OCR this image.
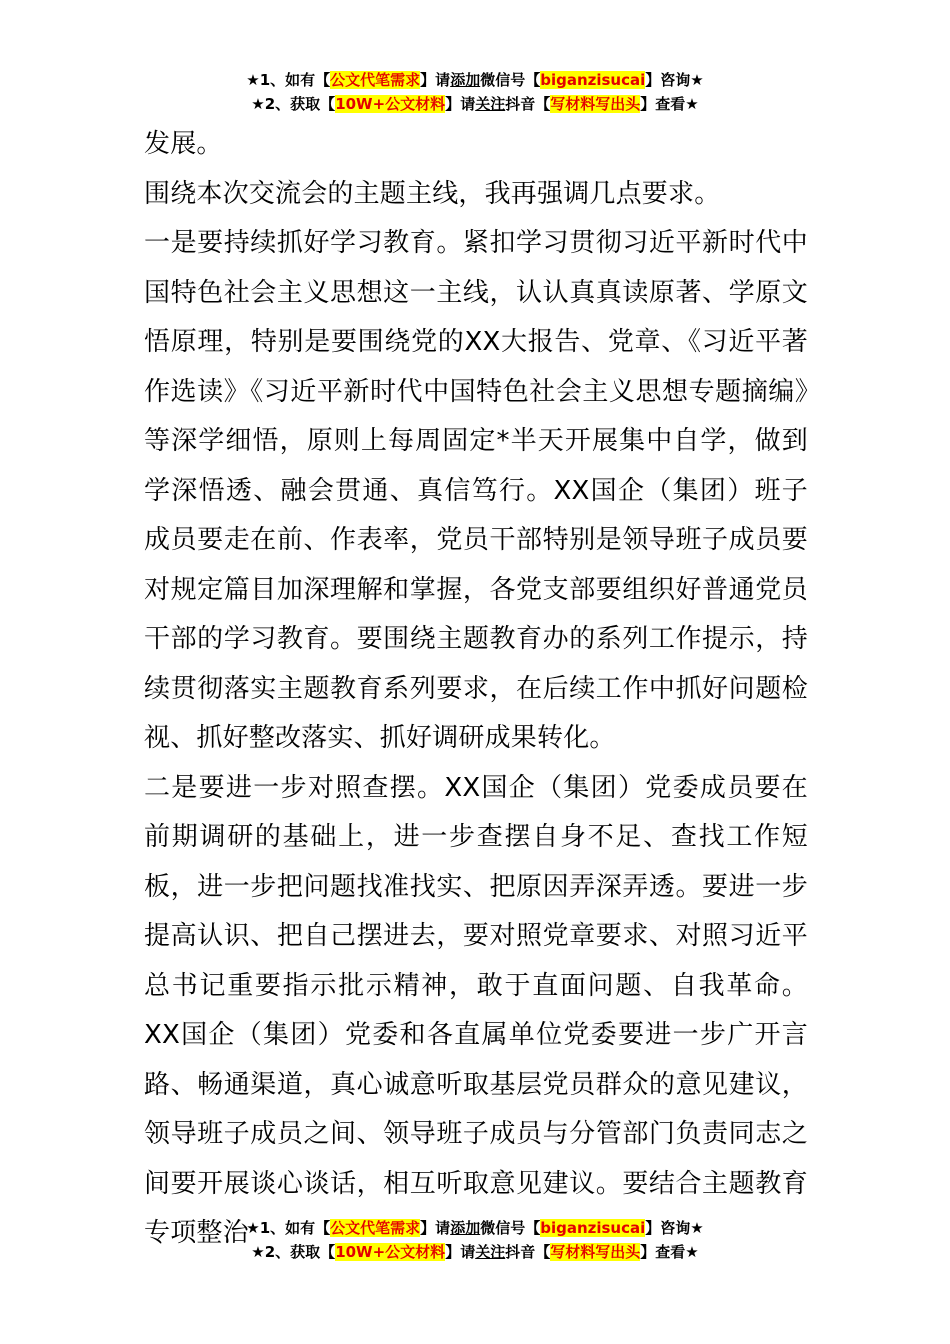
★1、如有【公文代笔需求】请添加微信号【biganzisucai】咨询★
★2、获取【10W+公文材料】请关注抖音【写材料写出头】查看★

发展。

围绕本次交流会的主题主线，我再强调几点要求。

一是要持续抓好学习教育。紧扣学习贯彻习近平新时代中国特色社会主义思想这一主线，认认真真读原著、学原文悟原理，特别是要围绕党的XX大报告、党章、《习近平著作选读》《习近平新时代中国特色社会主义思想专题摘编》等深学细悟，原则上每周固定*半天开展集中自学，做到学深悟透、融会贯通、真信笃行。XX国企（集团）班子成员要走在前、作表率，党员干部特别是领导班子成员要对规定篇目加深理解和掌握，各党支部要组织好普通党员干部的学习教育。要围绕主题教育办的系列工作提示，持续贯彻落实主题教育系列要求，在后续工作中抓好问题检视、抓好整改落实、抓好调研成果转化。

二是要进一步对照查摆。XX国企（集团）党委成员要在前期调研的基础上，进一步查摆自身不足、查找工作短板，进一步把问题找准找实、把原因弄深弄透。要进一步提高认识、把自己摆进去，要对照党章要求、对照习近平总书记重要指示批示精神，敢于直面问题、自我革命。XX国企（集团）党委和各直属单位党委要进一步广开言路、畅通渠道，真心诚意听取基层党员群众的意见建议，领导班子成员之间、领导班子成员与分管部门负责同志之间要开展谈心谈话，相互听取意见建议。要结合主题教育专项整治

★1、如有【公文代笔需求】请添加微信号【biganzisucai】咨询★
★2、获取【10W+公文材料】请关注抖音【写材料写出头】查看★
